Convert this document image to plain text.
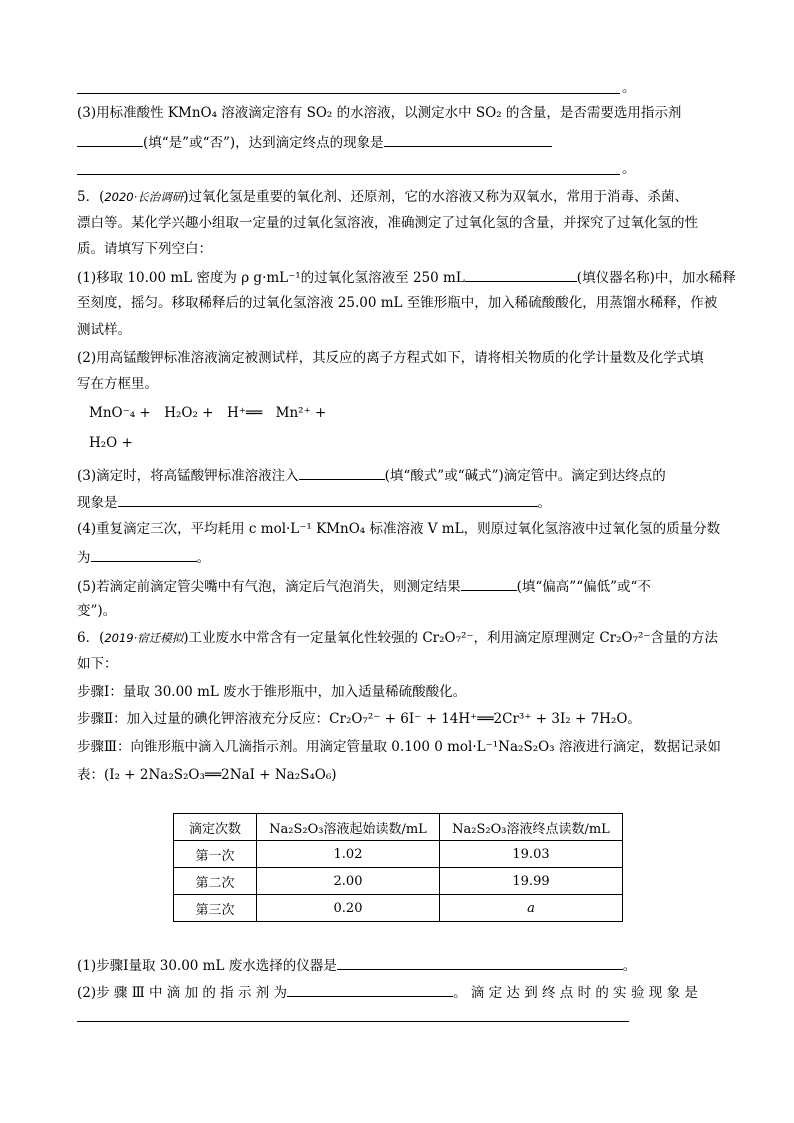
。
(3)用标准酸性 KMnO₄ 溶液滴定溶有 SO₂ 的水溶液，以测定水中 SO₂ 的含量，是否需要选用指示剂
(填“是”或“否”)，达到滴定终点的现象是
。
5．(2020·长治调研)过氧化氢是重要的氧化剂、还原剂，它的水溶液又称为双氧水，常用于消毒、杀菌、
漂白等。某化学兴趣小组取一定量的过氧化氢溶液，准确测定了过氧化氢的含量，并探究了过氧化氢的性
质。请填写下列空白：
(1)移取 10.00 mL 密度为 ρ g·mL⁻¹的过氧化氢溶液至 250 mL	(填仪器名称)中，加水稀释
至刻度，摇匀。移取稀释后的过氧化氢溶液 25.00 mL 至锥形瓶中，加入稀硫酸酸化，用蒸馏水稀释，作被
测试样。
(2)用高锰酸钾标准溶液滴定被测试样，其反应的离子方程式如下，请将相关物质的化学计量数及化学式填
写在方框里。
MnO⁻₄ +　H₂O₂ +　H⁺══　Mn²⁺ +
H₂O +
(3)滴定时，将高锰酸钾标准溶液注入	(填“酸式”或“碱式”)滴定管中。滴定到达终点的
现象是	。
(4)重复滴定三次，平均耗用 c mol·L⁻¹ KMnO₄ 标准溶液 V mL，则原过氧化氢溶液中过氧化氢的质量分数
为	。
(5)若滴定前滴定管尖嘴中有气泡，滴定后气泡消失，则测定结果	(填“偏高”“偏低”或“不
变”)。
6．(2019·宿迁模拟)工业废水中常含有一定量氧化性较强的 Cr₂O₇²⁻，利用滴定原理测定 Cr₂O₇²⁻含量的方法
如下：
步骤Ⅰ：量取 30.00 mL 废水于锥形瓶中，加入适量稀硫酸酸化。
步骤Ⅱ：加入过量的碘化钾溶液充分反应：Cr₂O₇²⁻ + 6I⁻ + 14H⁺══2Cr³⁺ + 3I₂ + 7H₂O。
步骤Ⅲ：向锥形瓶中滴入几滴指示剂。用滴定管量取 0.100 0 mol·L⁻¹Na₂S₂O₃ 溶液进行滴定，数据记录如
表：(I₂ + 2Na₂S₂O₃══2NaI + Na₂S₄O₆)
滴定次数	Na₂S₂O₃溶液起始读数/mL	Na₂S₂O₃溶液终点读数/mL
第一次	1.02	19.03
第二次	2.00	19.99
第三次	0.20	a
(1)步骤Ⅰ量取 30.00 mL 废水选择的仪器是	。
(2)步 骤 Ⅲ 中 滴 加 的 指 示 剂 为	。 滴 定 达 到 终 点 时 的 实 验 现 象 是
